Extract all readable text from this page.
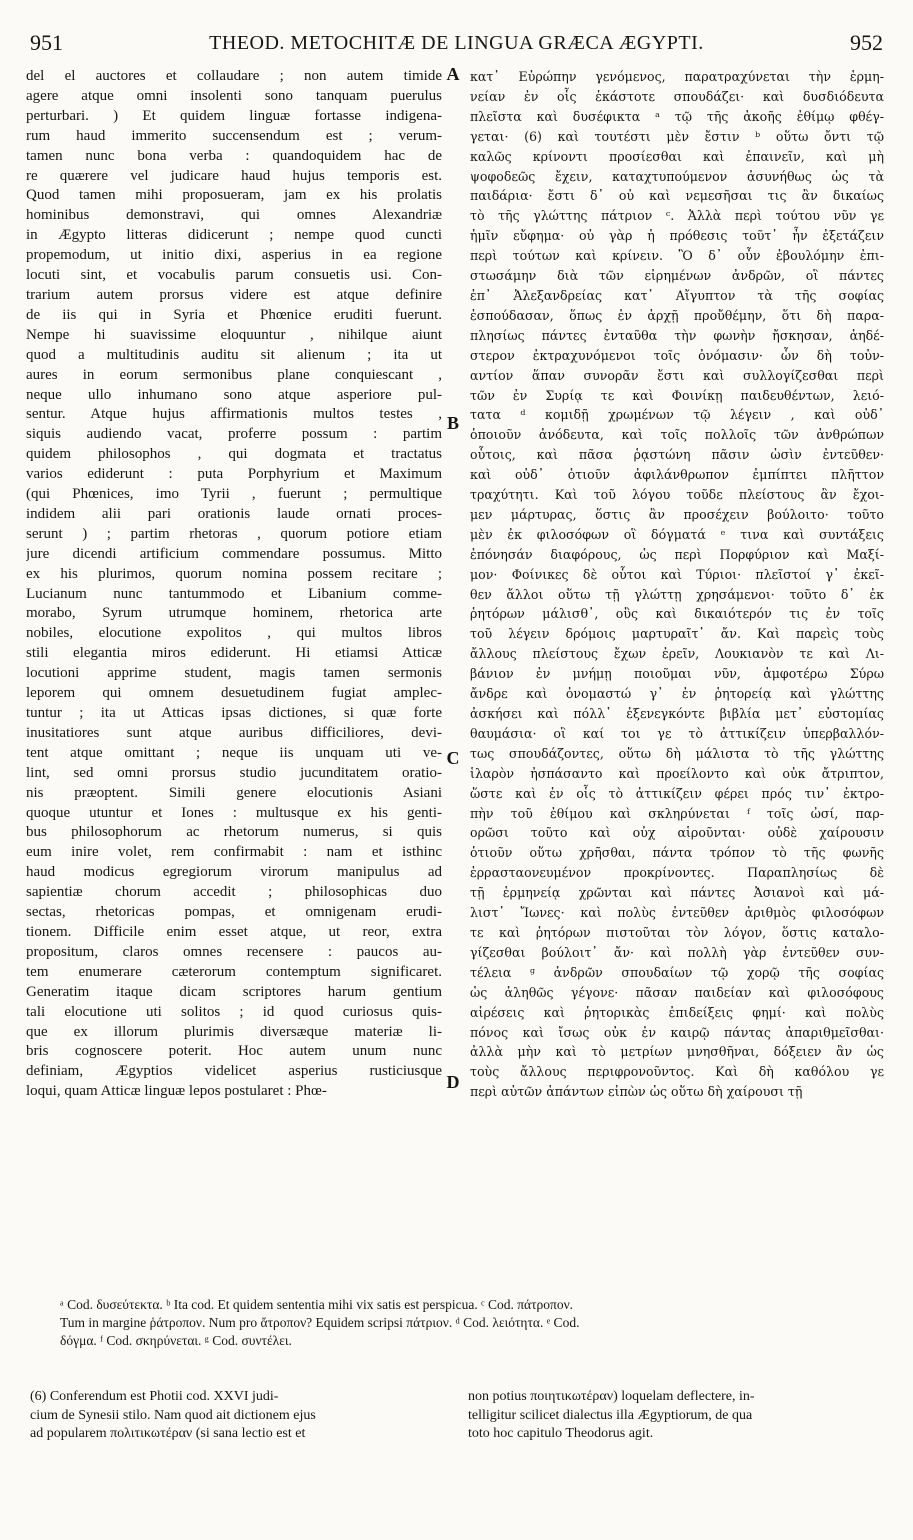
951	THEOD. METOCHITÆ DE LINGUA GRÆCA ÆGYPTI.	952
del el auctores et collaudare ; non autem timide
agere atque omni insolenti sono tanquam puerulus
perturbari. ) Et quidem linguæ fortasse indigena-
rum haud immerito succensendum est ; verum-
tamen nunc bona verba : quandoquidem hac de
re quærere vel judicare haud hujus temporis est.
Quod tamen mihi proposueram, jam ex his prolatis
hominibus demonstravi, qui omnes Alexandriæ
in Ægypto litteras didicerunt ; nempe quod cuncti
propemodum, ut initio dixi, asperius in ea regione
locuti sint, et vocabulis parum consuetis usi. Con-
trarium autem prorsus videre est atque definire
de iis qui in Syria et Phœnice eruditi fuerunt.
Nempe hi suavissime eloquuntur , nihilque aiunt
quod a multitudinis auditu sit alienum ; ita ut
aures in eorum sermonibus plane conquiescant ,
neque ullo inhumano sono atque asperiore pul-
sentur. Atque hujus affirmationis multos testes ,
siquis audiendo vacat, proferre possum : partim
quidem philosophos , qui dogmata et tractatus
varios ediderunt : puta Porphyrium et Maximum
(qui Phœnices, imo Tyrii , fuerunt ; permultique
indidem alii pari orationis laude ornati proces-
serunt ) ; partim rhetoras , quorum potiore etiam
jure dicendi artificium commendare possumus. Mitto
ex his plurimos, quorum nomina possem recitare ;
Lucianum nunc tantummodo et Libanium comme-
morabo, Syrum utrumque hominem, rhetorica arte
nobiles, elocutione expolitos , qui multos libros
stili elegantia miros ediderunt. Hi etiamsi Atticæ
locutioni apprime student, magis tamen sermonis
leporem qui omnem desuetudinem fugiat amplec-
tuntur ; ita ut Atticas ipsas dictiones, si quæ forte
inusitatiores sunt atque auribus difficiliores, devi-
tent atque omittant ; neque iis unquam uti ve-
lint, sed omni prorsus studio jucunditatem oratio-
nis præoptent. Simili genere elocutionis Asiani
quoque utuntur et Iones : multusque ex his genti-
bus philosophorum ac rhetorum numerus, si quis
eum inire volet, rem confirmabit : nam et isthinc
haud modicus egregiorum virorum manipulus ad
sapientiæ chorum accedit ; philosophicas duo
sectas, rhetoricas pompas, et omnigenam erudi-
tionem. Difficile enim esset atque, ut reor, extra
propositum, claros omnes recensere : paucos au-
tem enumerare cæterorum contemptum significaret.
Generatim itaque dicam scriptores harum gentium
tali elocutione uti solitos ; id quod curiosus quis-
que ex illorum plurimis diversæque materiæ li-
bris cognoscere poterit. Hoc autem unum nunc
definiam, Ægyptios videlicet asperius rusticiusque
loqui, quam Atticæ linguæ lepos postularet : Phœ-
κατ᾽ Εὐρώπην γενόμενος, παρατραχύνεται τὴν ἑρμη-
νείαν ἐν οἷς ἑκάστοτε σπουδάζει· καὶ δυσδιόδευτα
πλεῖστα καὶ δυσέφικτα ᵃ τῷ τῆς ἀκοῆς ἐθίμῳ φθέγ-
γεται· (6) καὶ τουτέστι μὲν ἔστιν ᵇ οὕτω ὄντι τῷ
καλῶς κρίνοντι προσίεσθαι καὶ ἐπαινεῖν, καὶ μὴ
ψοφοδεῶς ἔχειν, καταχτυπούμενον ἀσυνήθως ὡς τὰ
παιδάρια· ἔστι δ᾽ οὐ καὶ νεμεσῆσαι τις ἂν δικαίως
τὸ τῆς γλώττης πάτριον ᶜ. Ἀλλὰ περὶ τούτου νῦν γε
ἡμῖν εὔφημα· οὐ γὰρ ἡ πρόθεσις τοῦτ᾽ ἦν ἐξετάζειν
περὶ τούτων καὶ κρίνειν. Ὃ δ᾽ οὖν ἐβουλόμην ἐπι-
στωσάμην διὰ τῶν εἰρημένων ἀνδρῶν, οἳ πάντες
ἐπ᾽ Ἀλεξανδρείας κατ᾽ Αἴγυπτον τὰ τῆς σοφίας
ἐσπούδασαν, ὅπως ἐν ἀρχῇ προὔθέμην, ὅτι δὴ παρα-
πλησίως πάντες ἐνταῦθα τὴν φωνὴν ἤσκησαν, ἀηδέ-
στερον ἐκτραχυνόμενοι τοῖς ὀνόμασιν· ὧν δὴ τοὐν-
αντίον ἅπαν συνορᾶν ἔστι καὶ συλλογίζεσθαι περὶ
τῶν ἐν Συρίᾳ τε καὶ Φοινίκῃ παιδευθέντων, λειό-
τατα ᵈ κομιδῇ χρωμένων τῷ λέγειν , καὶ οὐδ᾽
ὁποιοῦν ἀνόδευτα, καὶ τοῖς πολλοῖς τῶν ἀνθρώπων
οὗτοις, καὶ πᾶσα ῥᾳστώνη πᾶσιν ὠσὶν ἐντεῦθεν·
καὶ οὐδ᾽ ὁτιοῦν ἀφιλάνθρωπον ἐμπίπτει πλῆττον
τραχύτητι. Καὶ τοῦ λόγου τοῦδε πλείστους ἂν ἔχοι-
μεν μάρτυρας, ὅστις ἂν προσέχειν βούλοιτο· τοῦτο
μὲν ἐκ φιλοσόφων οἳ δόγματά ᵉ τινα καὶ συντάξεις
ἐπόνησάν διαφόρους, ὡς περὶ Πορφύριον καὶ Μαξί-
μον· Φοίνικες δὲ οὗτοι καὶ Τύριοι· πλεῖστοί γ᾽ ἐκεῖ-
θεν ἄλλοι οὕτω τῇ γλώττῃ χρησάμενοι· τοῦτο δ᾽ ἐκ
ῥητόρων μάλισθ᾽, οὓς καὶ δικαιότερόν τις ἐν τοῖς
τοῦ λέγειν δρόμοις μαρτυραῖτ᾽ ἄν. Καὶ παρεὶς τοὺς
ἄλλους πλείστους ἔχων ἐρεῖν, Λουκιανὸν τε καὶ Λι-
βάνιον ἐν μνήμῃ ποιοῦμαι νῦν, ἀμφοτέρω Σύρω
ἄνδρε καὶ ὀνομαστώ γ᾽ ἐν ῥητορείᾳ καὶ γλώττης
ἀσκήσει καὶ πόλλ᾽ ἐξενεγκόντε βιβλία μετ᾽ εὐστομίας
θαυμάσια· οἳ καί τοι γε τὸ ἀττικίζειν ὑπερβαλλόν-
τως σπουδάζοντες, οὕτω δὴ μάλιστα τὸ τῆς γλώττης
ἱλαρὸν ἠσπάσαντο καὶ προείλοντο καὶ οὐκ ἄτριπτον,
ὥστε καὶ ἐν οἷς τὸ ἀττικίζειν φέρει πρός τιν᾽ ἐκτρο-
πὴν τοῦ ἐθίμου καὶ σκληρύνεται ᶠ τοῖς ὠσί, παρ-
ορῶσι τοῦτο καὶ οὐχ αἱροῦνται· οὐδὲ χαίρουσιν
ὁτιοῦν οὕτω χρῆσθαι, πάντα τρόπον τὸ τῆς φωνῆς
ἐρρασταονευμένον προκρίνοντες. Παραπλησίως δὲ
τῇ ἑρμηνείᾳ χρῶνται καὶ πάντες Ἀσιανοὶ καὶ μά-
λιστ᾽ Ἴωνες· καὶ πολὺς ἐντεῦθεν ἀριθμὸς φιλοσόφων
τε καὶ ῥητόρων πιστοῦται τὸν λόγον, ὅστις καταλο-
γίζεσθαι βούλοιτ᾽ ἄν· καὶ πολλὴ γὰρ ἐντεῦθεν συν-
τέλεια ᵍ ἀνδρῶν σπουδαίων τῷ χορῷ τῆς σοφίας
ὡς ἀληθῶς γέγονε· πᾶσαν παιδείαν καὶ φιλοσόφους
αἱρέσεις καὶ ῥητορικὰς ἐπιδείξεις φημί· καὶ πολὺς
πόνος καὶ ἴσως οὐκ ἐν καιρῷ πάντας ἀπαριθμεῖσθαι·
ἀλλὰ μὴν καὶ τὸ μετρίων μνησθῆναι, δόξειεν ἂν ὡς
τοὺς ἄλλους περιφρονοῦντος. Καὶ δὴ καθόλου γε
περὶ αὐτῶν ἁπάντων εἰπὼν ὡς οὕτω δὴ χαίρουσι τῇ
A
B
C
D
ᵃ Cod. δυσεύτεκτα. ᵇ Ita cod. Et quidem sententia mihi vix satis est perspicua. ᶜ Cod. πάτροπον.
Tum in margine ῥάτροπον. Num pro ἄτροπον? Equidem scripsi πάτριον. ᵈ Cod. λειότητα. ᵉ Cod.
δόγμα. ᶠ Cod. σκηρύνεται. ᵍ Cod. συντέλει.
(6) Conferendum est Photii cod. XXVI judi-
cium de Synesii stilo. Nam quod ait dictionem ejus
ad popularem πολιτικωτέραν (si sana lectio est et
non potius ποιητικωτέραν) loquelam deflectere, in-
telligitur scilicet dialectus illa Ægyptiorum, de qua
toto hoc capitulo Theodorus agit.
